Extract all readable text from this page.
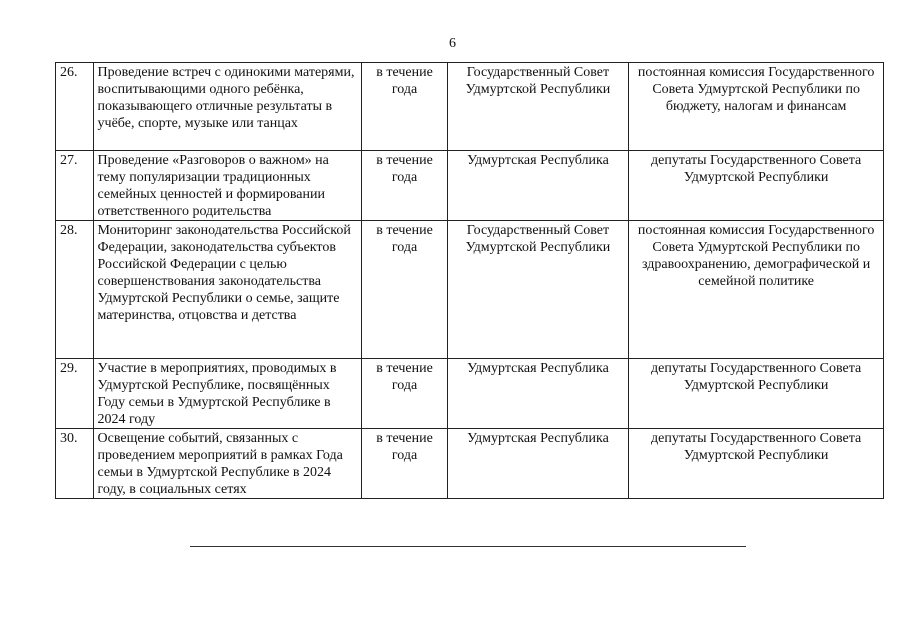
6
26.	Проведение встреч с одинокими матерями, воспитывающими одного ребёнка, показывающего отличные результаты в учёбе, спорте, музыке или танцах	в течение года	Государственный Совет Удмуртской Республики	постоянная комиссия Государственного Совета Удмуртской Республики по бюджету, налогам и финансам
27.	Проведение «Разговоров о важном» на тему популяризации традиционных семейных ценностей и формировании ответственного родительства	в течение года	Удмуртская Республика	депутаты Государственного Совета Удмуртской Республики
28.	Мониторинг законодательства Российской Федерации, законодательства субъектов Российской Федерации с целью совершенствования законодательства Удмуртской Республики о семье, защите материнства, отцовства и детства	в течение года	Государственный Совет Удмуртской Республики	постоянная комиссия Государственного Совета Удмуртской Республики по здравоохранению, демографической и семейной политике
29.	Участие в мероприятиях, проводимых в Удмуртской Республике, посвящённых Году семьи в Удмуртской Республике в 2024 году	в течение года	Удмуртская Республика	депутаты Государственного Совета Удмуртской Республики
30.	Освещение событий, связанных с проведением мероприятий в рамках Года семьи в Удмуртской Республике в 2024 году, в социальных сетях	в течение года	Удмуртская Республика	депутаты Государственного Совета Удмуртской Республики
